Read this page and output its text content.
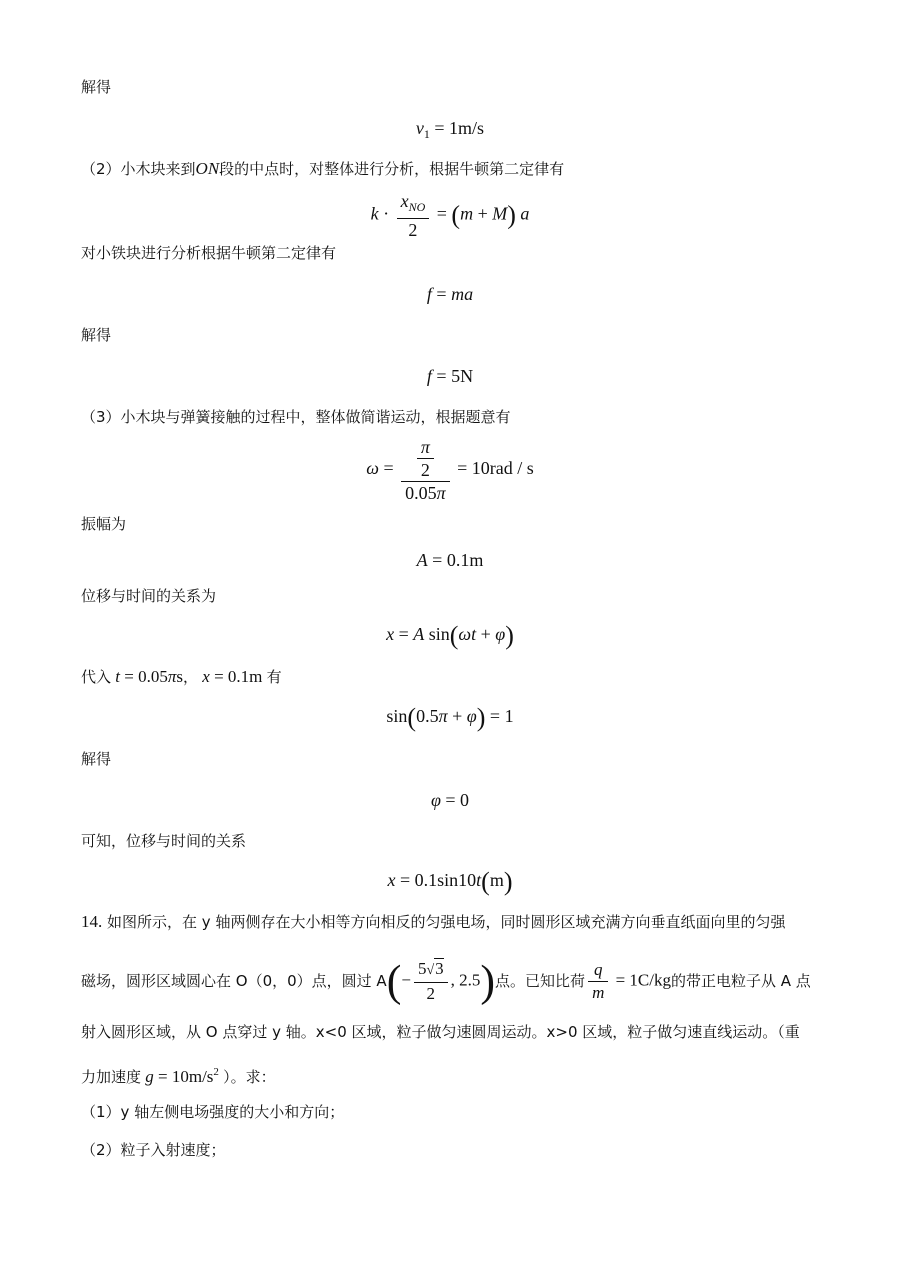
解得
$v_1 = 1m/s$
（2）小木块来到ON段的中点时，对整体进行分析，根据牛顿第二定律有
$k \cdot \frac{x_{NO}}{2} = (m + M)$ a
对小铁块进行分析根据牛顿第二定律有
f = ma
解得
f = 5N
（3）小木块与弹簧接触的过程中，整体做简谐运动，根据题意有
$\omega = \frac{\frac{\pi}{2}}{0.05\pi} = 10rad / s$
振幅为
A = 0.1m
位移与时间的关系为
x = A sin(ωt + φ)
代入 t = 0.05πs， x = 0.1m 有
sin(0.5π + φ) = 1
解得
φ = 0
可知，位移与时间的关系
x = 0.1sin10t(m)
14. 如图所示，在 y 轴两侧存在大小相等方向相反的匀强电场，同时圆形区域充满方向垂直纸面向里的匀强
磁场，圆形区域圆心在 O（0，0）点，圆过 $A(- \frac{5√3}{2}$ , 2.5)点。已知比荷 $\frac{q}{m} = 1C/kg$的带正电粒子从 A 点
射入圆形区域，从 O 点穿过 y 轴。x<0 区域，粒子做匀速圆周运动。x>0 区域，粒子做匀速直线运动。（重
力加速度 $g = 10m/s^2$ ）。求：
（1）y 轴左侧电场强度的大小和方向；
（2）粒子入射速度；
